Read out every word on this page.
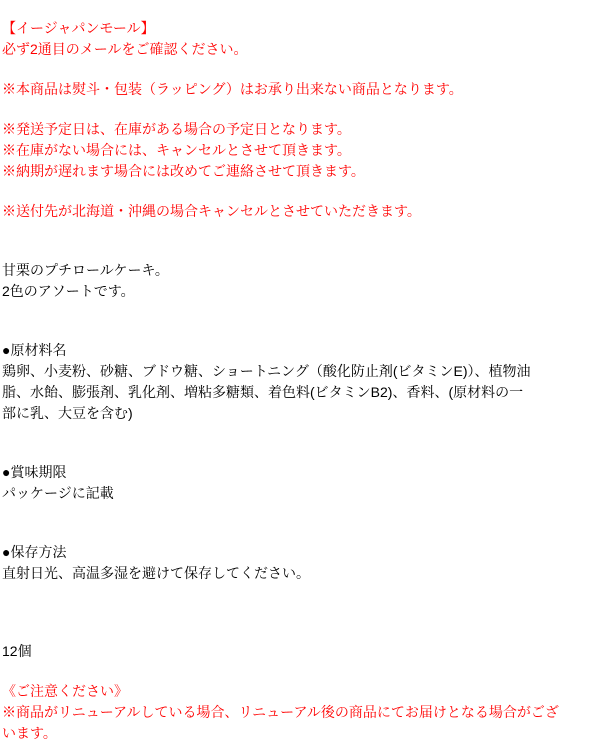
【イージャパンモール】
必ず2通目のメールをご確認ください。
※本商品は熨斗・包装（ラッピング）はお承り出来ない商品となります。
※発送予定日は、在庫がある場合の予定日となります。
※在庫がない場合には、キャンセルとさせて頂きます。
※納期が遅れます場合には改めてご連絡させて頂きます。
※送付先が北海道・沖縄の場合キャンセルとさせていただきます。
甘栗のプチロールケーキ。
2色のアソートです。
●原材料名
鶏卵、小麦粉、砂糖、ブドウ糖、ショートニング（酸化防止剤(ビタミンE)）、植物油
脂、水飴、膨張剤、乳化剤、増粘多糖類、着色料(ビタミンB2)、香料、(原材料の一
部に乳、大豆を含む)
●賞味期限
パッケージに記載
●保存方法
直射日光、高温多湿を避けて保存してください。
12個
《ご注意ください》
※商品がリニューアルしている場合、リニューアル後の商品にてお届けとなる場合がござ
います。
